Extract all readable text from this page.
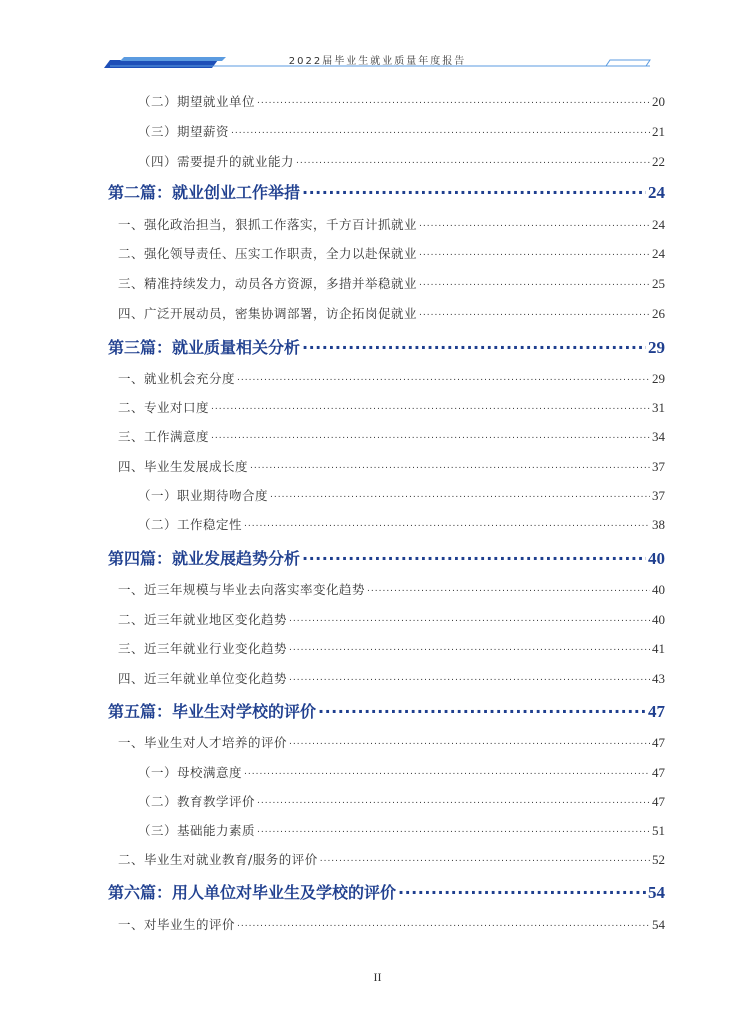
2022届毕业生就业质量年度报告
（二）期望就业单位 .....	20
（三）期望薪资 .....	21
（四）需要提升的就业能力 .....	22
第二篇：就业创业工作举措 .....	24
一、强化政治担当，狠抓工作落实，千方百计抓就业 .....	24
二、强化领导责任、压实工作职责，全力以赴保就业 .....	24
三、精准持续发力，动员各方资源，多措并举稳就业 .....	25
四、广泛开展动员，密集协调部署，访企拓岗促就业 .....	26
第三篇：就业质量相关分析 .....	29
一、就业机会充分度 .....	29
二、专业对口度 .....	31
三、工作满意度 .....	34
四、毕业生发展成长度 .....	37
（一）职业期待吻合度 .....	37
（二）工作稳定性 .....	38
第四篇：就业发展趋势分析 .....	40
一、近三年规模与毕业去向落实率变化趋势 .....	40
二、近三年就业地区变化趋势 .....	40
三、近三年就业行业变化趋势 .....	41
四、近三年就业单位变化趋势 .....	43
第五篇：毕业生对学校的评价 .....	47
一、毕业生对人才培养的评价 .....	47
（一）母校满意度 .....	47
（二）教育教学评价 .....	47
（三）基础能力素质 .....	51
二、毕业生对就业教育/服务的评价 .....	52
第六篇：用人单位对毕业生及学校的评价 .....	54
一、对毕业生的评价 .....	54
II
